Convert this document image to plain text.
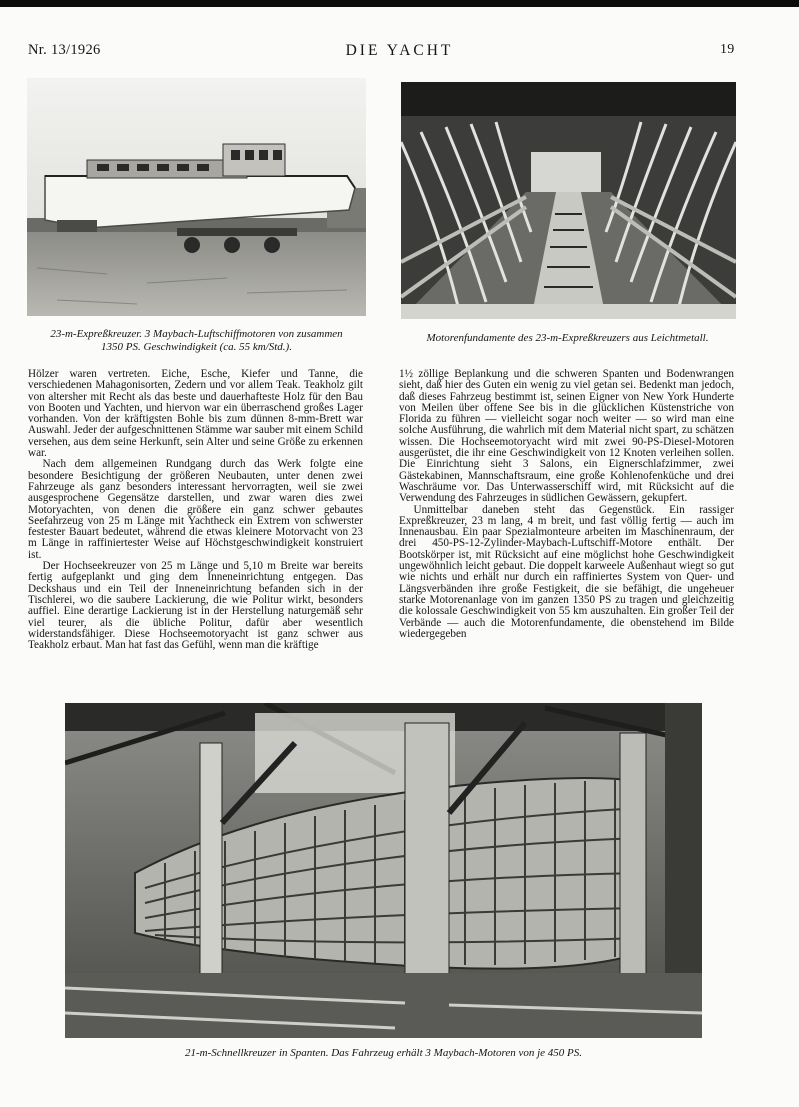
Nr. 13/1926	DIE YACHT	19
23-m-Expreßkreuzer. 3 Maybach-Luftschiffmotoren von zusammen
1350 PS. Geschwindigkeit (ca. 55 km/Std.).
Motorenfundamente des 23-m-Expreßkreuzers aus Leichtmetall.

Hölzer waren vertreten. Eiche, Esche, Kiefer und Tanne, die verschiedenen Mahagonisorten, Zedern und vor allem Teak. Teakholz gilt von altersher mit Recht als das beste und dauerhafteste Holz für den Bau von Booten und Yachten, und hiervon war ein überraschend großes Lager vorhanden. Von der kräftigsten Bohle bis zum dünnen 8-mm-Brett war Auswahl. Jeder der aufgeschnittenen Stämme war sauber mit einem Schild versehen, aus dem seine Herkunft, sein Alter und seine Größe zu erkennen war.

Nach dem allgemeinen Rundgang durch das Werk folgte eine besondere Besichtigung der größeren Neubauten, unter denen zwei Fahrzeuge als ganz besonders interessant hervorragten, weil sie zwei ausgesprochene Gegensätze darstellen, und zwar waren dies zwei Motoryachten, von denen die größere ein ganz schwer gebautes Seefahrzeug von 25 m Länge mit Yachtheck ein Extrem von schwerster festester Bauart bedeutet, während die etwas kleinere Motorvacht von 23 m Länge in raffiniertester Weise auf Höchstgeschwindigkeit konstruiert ist.

Der Hochseekreuzer von 25 m Länge und 5,10 m Breite war bereits fertig aufgeplankt und ging dem Inneneinrichtung entgegen. Das Deckshaus und ein Teil der Inneneinrichtung befanden sich in der Tischlerei, wo die saubere Lackierung, die wie Politur wirkt, besonders auffiel. Eine derartige Lackierung ist in der Herstellung naturgemäß sehr viel teurer, als die übliche Politur, dafür aber wesentlich widerstandsfähiger. Diese Hochseemotoryacht ist ganz schwer aus Teakholz erbaut. Man hat fast das Gefühl, wenn man die kräftige

1½ zöllige Beplankung und die schweren Spanten und Bodenwrangen sieht, daß hier des Guten ein wenig zu viel getan sei. Bedenkt man jedoch, daß dieses Fahrzeug bestimmt ist, seinen Eigner von New York Hunderte von Meilen über offene See bis in die glücklichen Küstenstriche von Florida zu führen — vielleicht sogar noch weiter — so wird man eine solche Ausführung, die wahrlich mit dem Material nicht spart, zu schätzen wissen. Die Hochseemotoryacht wird mit zwei 90-PS-Diesel-Motoren ausgerüstet, die ihr eine Geschwindigkeit von 12 Knoten verleihen sollen. Die Einrichtung sieht 3 Salons, ein Eignerschlafzimmer, zwei Gästekabinen, Mannschaftsraum, eine große Kohlenofenküche und drei Waschräume vor. Das Unterwasserschiff wird, mit Rücksicht auf die Verwendung des Fahrzeuges in südlichen Gewässern, gekupfert.

Unmittelbar daneben steht das Gegenstück. Ein rassiger Expreßkreuzer, 23 m lang, 4 m breit, und fast völlig fertig — auch im Innenausbau. Ein paar Spezialmonteure arbeiten im Maschinenraum, der drei 450-PS-12-Zylinder-Maybach-Luftschiff-Motore enthält. Der Bootskörper ist, mit Rücksicht auf eine möglichst hohe Geschwindigkeit ungewöhnlich leicht gebaut. Die doppelt karweele Außenhaut wiegt so gut wie nichts und erhält nur durch ein raffiniertes System von Quer- und Längsverbänden ihre große Festigkeit, die sie befähigt, die ungeheuer starke Motorenanlage von im ganzen 1350 PS zu tragen und gleichzeitig die kolossale Geschwindigkeit von 55 km auszuhalten. Ein großer Teil der Verbände — auch die Motorenfundamente, die obenstehend im Bilde wiedergegeben

21-m-Schnellkreuzer in Spanten. Das Fahrzeug erhält 3 Maybach-Motoren von je 450 PS.
